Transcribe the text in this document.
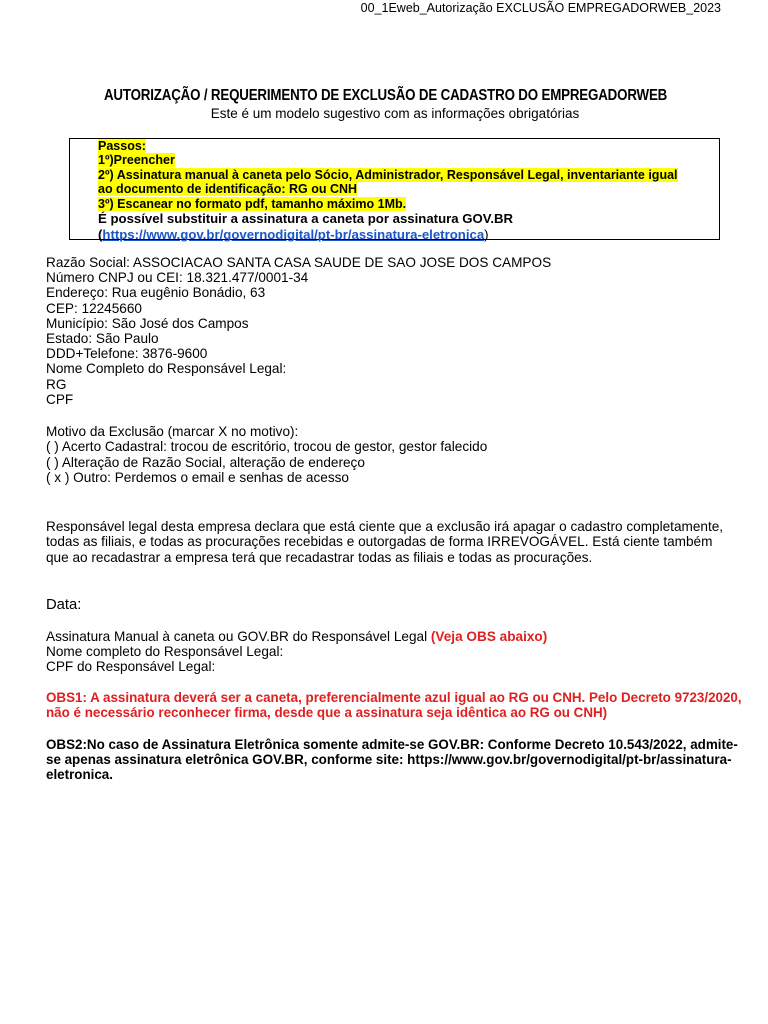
00_1Eweb_Autorização EXCLUSÃO EMPREGADORWEB_2023
AUTORIZAÇÃO / REQUERIMENTO DE EXCLUSÃO DE CADASTRO DO EMPREGADORWEB
Este é um modelo sugestivo com as informações obrigatórias
Passos:
1º)Preencher
2º) Assinatura manual à caneta pelo Sócio, Administrador, Responsável Legal, inventariante igual
ao documento de identificação: RG ou CNH
3º) Escanear no formato pdf, tamanho máximo 1Mb.
É possível substituir a assinatura a caneta por assinatura GOV.BR
(https://www.gov.br/governodigital/pt-br/assinatura-eletronica)
Razão Social: ASSOCIACAO SANTA CASA SAUDE DE SAO JOSE DOS CAMPOS
Número CNPJ ou CEI: 18.321.477/0001-34
Endereço: Rua eugênio Bonádio, 63
CEP: 12245660
Município: São José dos Campos
Estado: São Paulo
DDD+Telefone: 3876-9600
Nome Completo do Responsável Legal:
RG
CPF
Motivo da Exclusão (marcar X no motivo):
( ) Acerto Cadastral: trocou de escritório, trocou de gestor, gestor falecido
( ) Alteração de Razão Social, alteração de endereço
( x ) Outro: Perdemos o email e senhas de acesso
Responsável legal desta empresa declara que está ciente que a exclusão irá apagar o cadastro completamente, todas as filiais, e todas as procurações recebidas e outorgadas de forma IRREVOGÁVEL. Está ciente também que ao recadastrar a empresa terá que recadastrar todas as filiais e todas as procurações.
Data:
Assinatura Manual à caneta ou GOV.BR do Responsável Legal (Veja OBS abaixo)
Nome completo do Responsável Legal:
CPF do Responsável Legal:
OBS1: A assinatura deverá ser a caneta, preferencialmente azul igual ao RG ou CNH. Pelo Decreto 9723/2020, não é necessário reconhecer firma, desde que a assinatura seja idêntica ao RG ou CNH)
OBS2:No caso de Assinatura Eletrônica somente admite-se GOV.BR: Conforme Decreto 10.543/2022, admite-se apenas assinatura eletrônica GOV.BR, conforme site: https://www.gov.br/governodigital/pt-br/assinatura-eletronica.
